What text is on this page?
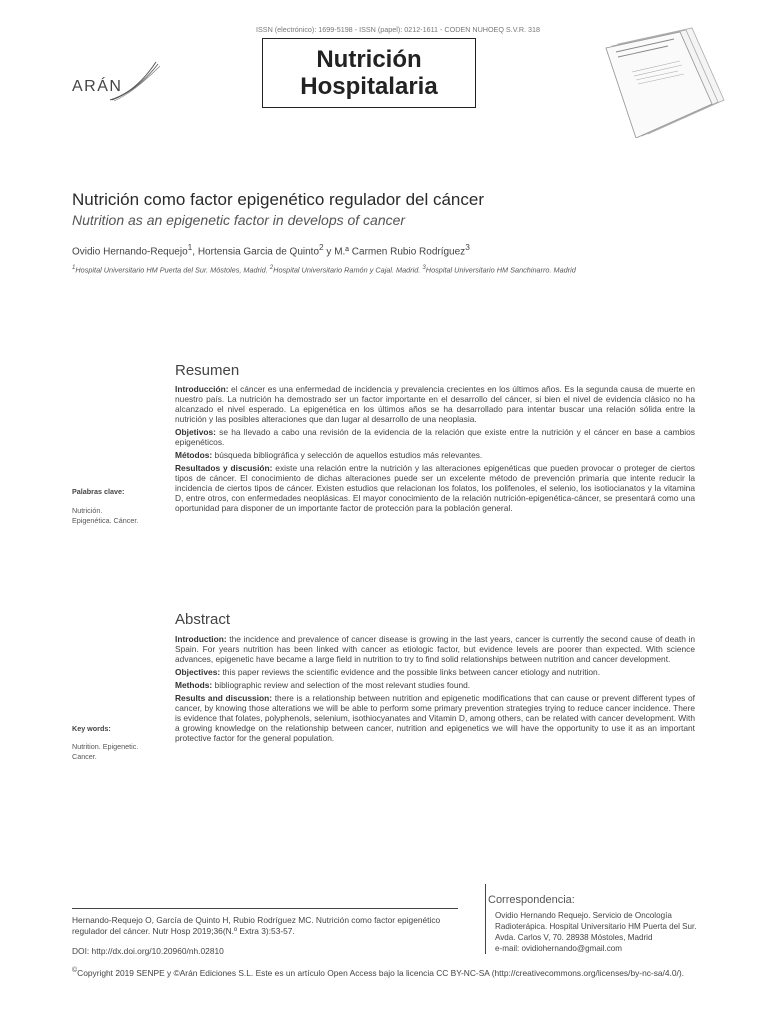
ISSN (electrónico): 1699-5198 - ISSN (papel): 0212-1611 - CODEN NUHOEQ S.V.R. 318
ARÁN
Nutrición
Hospitalaria
Nutrición como factor epigenético regulador del cáncer
Nutrition as an epigenetic factor in develops of cancer
Ovidio Hernando-Requejo$^1$, Hortensia Garcia de Quinto$^2$ y M.ª Carmen Rubio Rodríguez$^3$
$^1$Hospital Universitario HM Puerta del Sur. Móstoles, Madrid. $^2$Hospital Universitario Ramón y Cajal. Madrid. $^3$Hospital Universitario HM Sanchinarro. Madrid
Resumen

Introducción: el cáncer es una enfermedad de incidencia y prevalencia crecientes en los últimos años. Es la segunda causa de muerte en nuestro país. La nutrición ha demostrado ser un factor importante en el desarrollo del cáncer, si bien el nivel de evidencia clásico no ha alcanzado el nivel esperado. La epigenética en los últimos años se ha desarrollado para intentar buscar una relación sólida entre la nutrición y las posibles alteraciones que dan lugar al desarrollo de una neoplasia.

Objetivos: se ha llevado a cabo una revisión de la evidencia de la relación que existe entre la nutrición y el cáncer en base a cambios epigenéticos.

Métodos: búsqueda bibliográfica y selección de aquellos estudios más relevantes.

Resultados y discusión: existe una relación entre la nutrición y las alteraciones epigenéticas que pueden provocar o proteger de ciertos tipos de cáncer. El conocimiento de dichas alteraciones puede ser un excelente método de prevención primaria que intente reducir la incidencia de ciertos tipos de cáncer. Existen estudios que relacionan los folatos, los polifenoles, el selenio, los isotiocianatos y la vitamina D, entre otros, con enfermedades neoplásicas. El mayor conocimiento de la relación nutrición-epigenética-cáncer, se presentará como una oportunidad para disponer de un importante factor de protección para la población general.

Palabras clave:
Nutrición.
Epigenética. Cáncer.
Abstract

Introduction: the incidence and prevalence of cancer disease is growing in the last years, cancer is currently the second cause of death in Spain. For years nutrition has been linked with cancer as etiologic factor, but evidence levels are poorer than expected. With science advances, epigenetic have became a large field in nutrition to try to find solid relationships between nutrition and cancer development.

Objectives: this paper reviews the scientific evidence and the possible links between cancer etiology and nutrition.

Methods: bibliographic review and selection of the most relevant studies found.

Results and discussion: there is a relationship between nutrition and epigenetic modifications that can cause or prevent different types of cancer, by knowing those alterations we will be able to perform some primary prevention strategies trying to reduce cancer incidence. There is evidence that folates, polyphenols, selenium, isothiocyanates and Vitamin D, among others, can be related with cancer development. With a growing knowledge on the relationship between cancer, nutrition and epigenetics we will have the opportunity to use it as an important protective factor for the general population.

Key words:
Nutrition. Epigenetic.
Cancer.
Hernando-Requejo O, García de Quinto H, Rubio Rodríguez MC. Nutrición como factor epigenético regulador del cáncer. Nutr Hosp 2019;36(N.º Extra 3):53-57.
DOI: http://dx.doi.org/10.20960/nh.02810
Correspondencia:
Ovidio Hernando Requejo. Servicio de Oncología
Radioterápica. Hospital Universitario HM Puerta del Sur.
Avda. Carlos V, 70. 28938 Móstoles, Madrid
e-mail: ovidiohernando@gmail.com
©Copyright 2019 SENPE y ©Arán Ediciones S.L. Este es un artículo Open Access bajo la licencia CC BY-NC-SA (http://creativecommons.org/licenses/by-nc-sa/4.0/).
